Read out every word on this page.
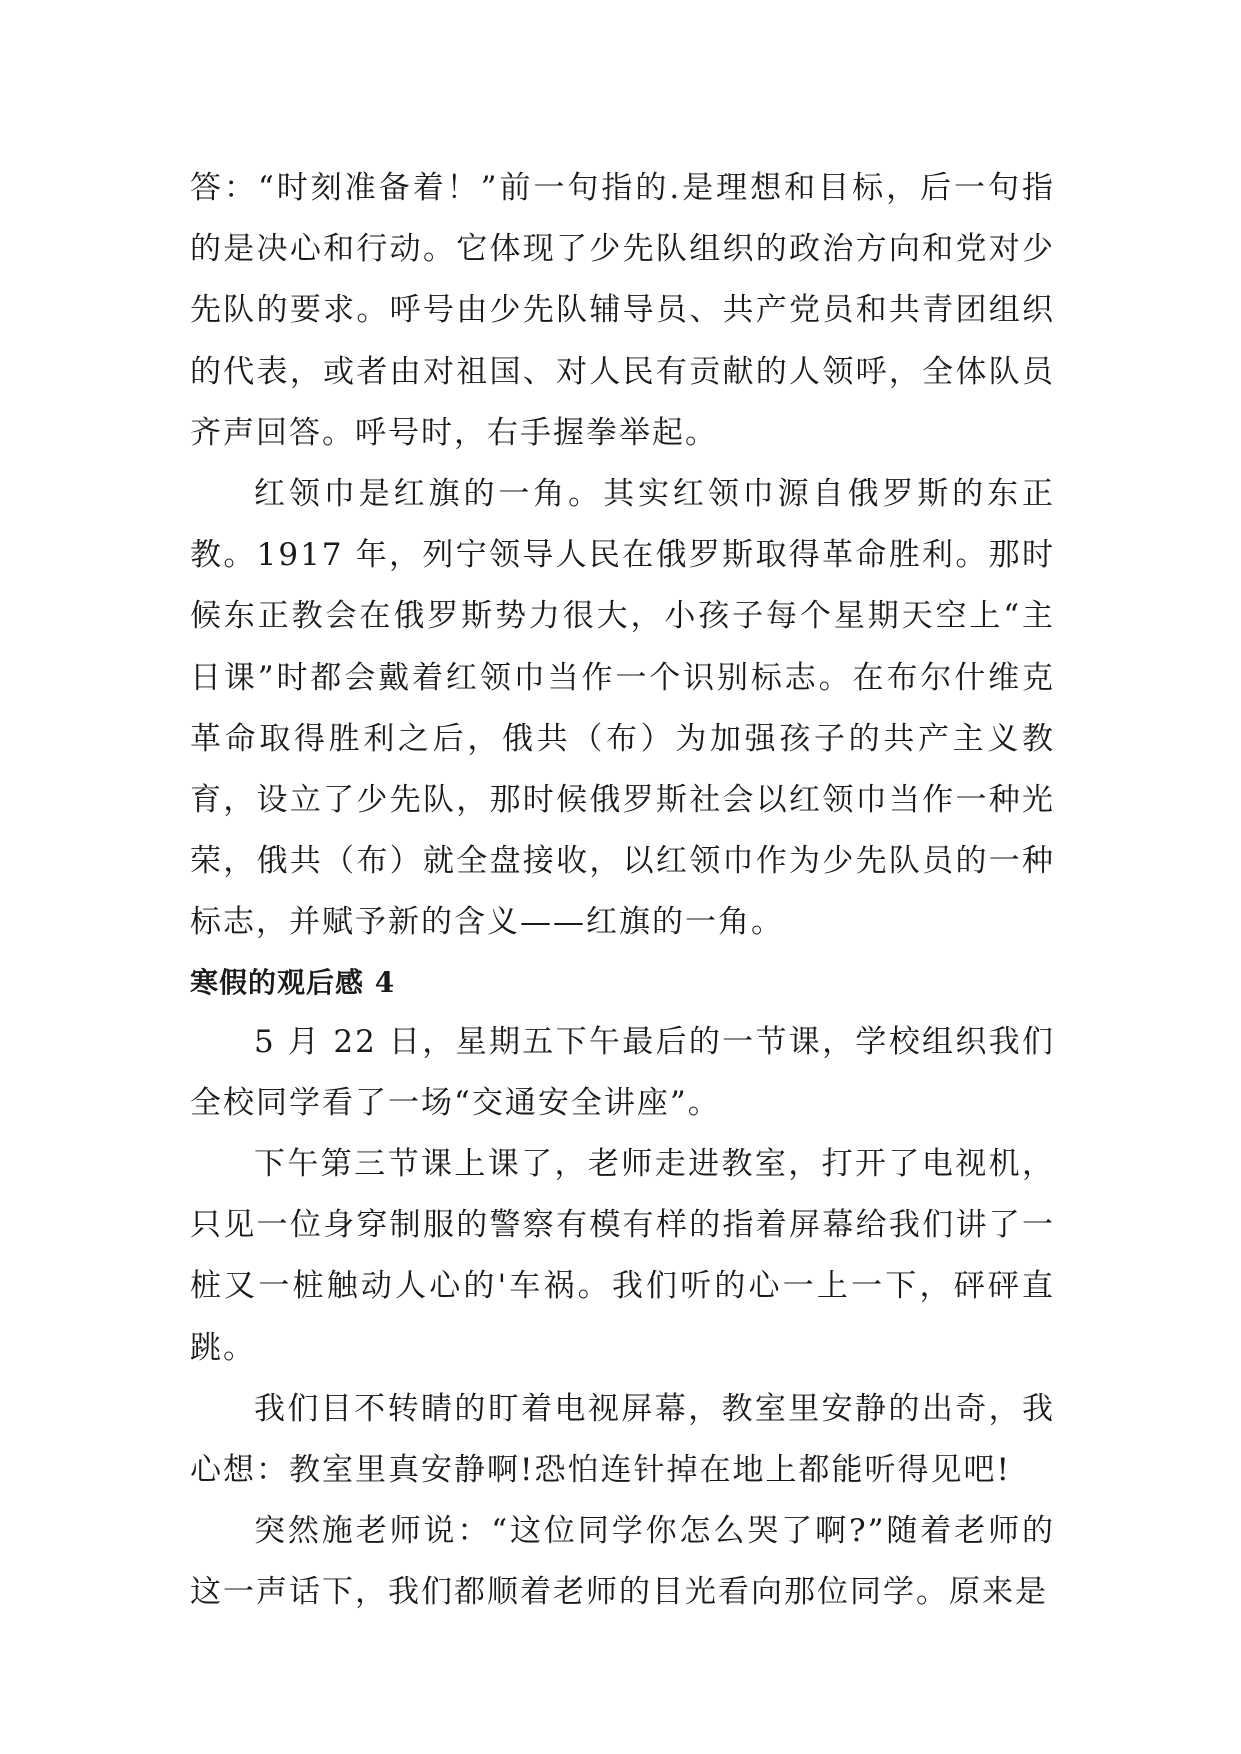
答：“时刻准备着！”前一句指的.是理想和目标，后一句指的是决心和行动。它体现了少先队组织的政治方向和党对少先队的要求。呼号由少先队辅导员、共产党员和共青团组织的代表，或者由对祖国、对人民有贡献的人领呼，全体队员齐声回答。呼号时，右手握拳举起。

红领巾是红旗的一角。其实红领巾源自俄罗斯的东正教。1917 年，列宁领导人民在俄罗斯取得革命胜利。那时候东正教会在俄罗斯势力很大，小孩子每个星期天空上“主日课”时都会戴着红领巾当作一个识别标志。在布尔什维克革命取得胜利之后，俄共（布）为加强孩子的共产主义教育，设立了少先队，那时候俄罗斯社会以红领巾当作一种光荣，俄共（布）就全盘接收，以红领巾作为少先队员的一种标志，并赋予新的含义——红旗的一角。

寒假的观后感 4

5 月 22 日，星期五下午最后的一节课，学校组织我们全校同学看了一场“交通安全讲座”。

下午第三节课上课了，老师走进教室，打开了电视机，只见一位身穿制服的警察有模有样的指着屏幕给我们讲了一桩又一桩触动人心的'车祸。我们听的心一上一下，砰砰直跳。

我们目不转睛的盯着电视屏幕，教室里安静的出奇，我心想：教室里真安静啊!恐怕连针掉在地上都能听得见吧!

突然施老师说：“这位同学你怎么哭了啊?”随着老师的这一声话下，我们都顺着老师的目光看向那位同学。原来是
